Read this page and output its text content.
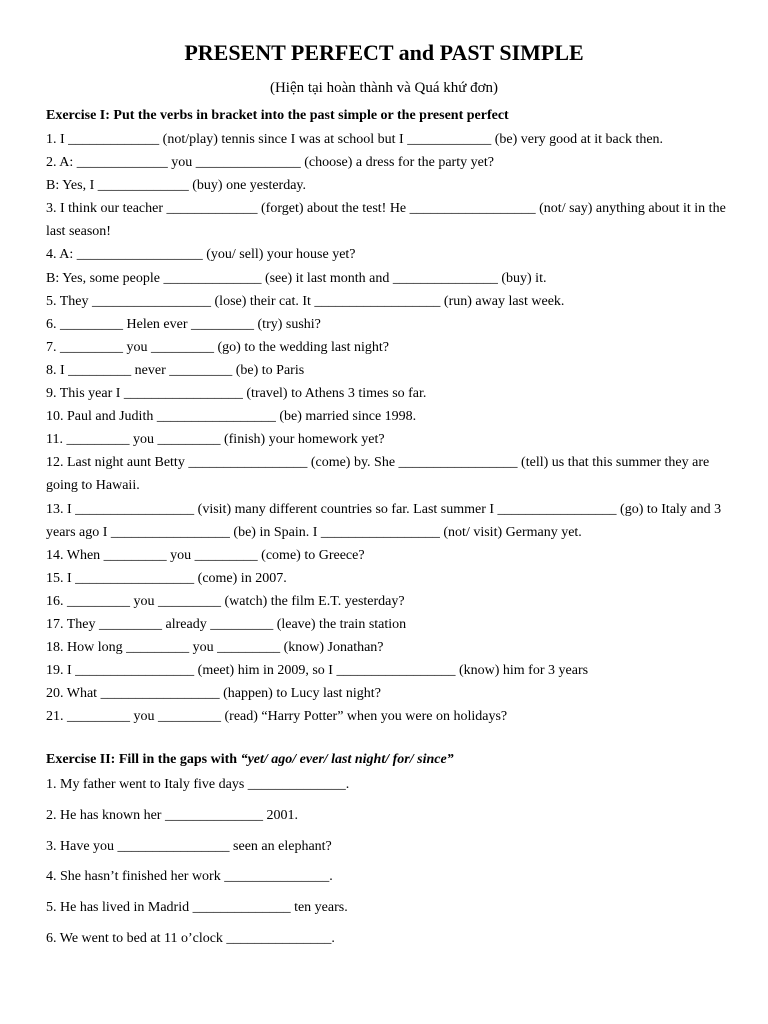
PRESENT PERFECT and PAST SIMPLE

(Hiện tại hoàn thành và Quá khứ đơn)

Exercise I: Put the verbs in bracket into the past simple or the present perfect

1. I _____________ (not/play) tennis since I was at school but I ____________ (be) very good at it back then.
2. A: _____________ you _______________ (choose) a dress for the party yet?
B: Yes, I _____________ (buy) one yesterday.
3. I think our teacher _____________ (forget) about the test! He __________________ (not/ say) anything about it in the last season!
4. A: __________________ (you/ sell) your house yet?
B: Yes, some people ______________ (see) it last month and _______________ (buy) it.
5. They _________________ (lose) their cat. It __________________ (run) away last week.
6. _________ Helen ever _________ (try) sushi?
7. _________ you _________ (go) to the wedding last night?
8. I _________ never _________ (be) to Paris
9. This year I _________________ (travel) to Athens 3 times so far.
10. Paul and Judith _________________ (be) married since 1998.
11. _________ you _________ (finish) your homework yet?
12. Last night aunt Betty _________________ (come) by. She _________________ (tell) us that this summer they are going to Hawaii.
13. I _________________ (visit) many different countries so far. Last summer I _________________ (go) to Italy and 3 years ago I _________________ (be) in Spain. I _________________ (not/ visit) Germany yet.
14. When _________ you _________ (come) to Greece?
15. I _________________ (come) in 2007.
16. _________ you _________ (watch) the film E.T. yesterday?
17. They _________ already _________ (leave) the train station
18. How long _________ you _________ (know) Jonathan?
19. I _________________ (meet) him in 2009, so I _________________ (know) him for 3 years
20. What _________________ (happen) to Lucy last night?
21. _________ you _________ (read) “Harry Potter” when you were on holidays?

Exercise II: Fill in the gaps with “yet/ ago/ ever/ last night/ for/ since”

1. My father went to Italy five days ______________.
2. He has known her ______________ 2001.
3. Have you ________________ seen an elephant?
4. She hasn’t finished her work _______________.
5. He has lived in Madrid ______________ ten years.
6. We went to bed at 11 o’clock _______________.
